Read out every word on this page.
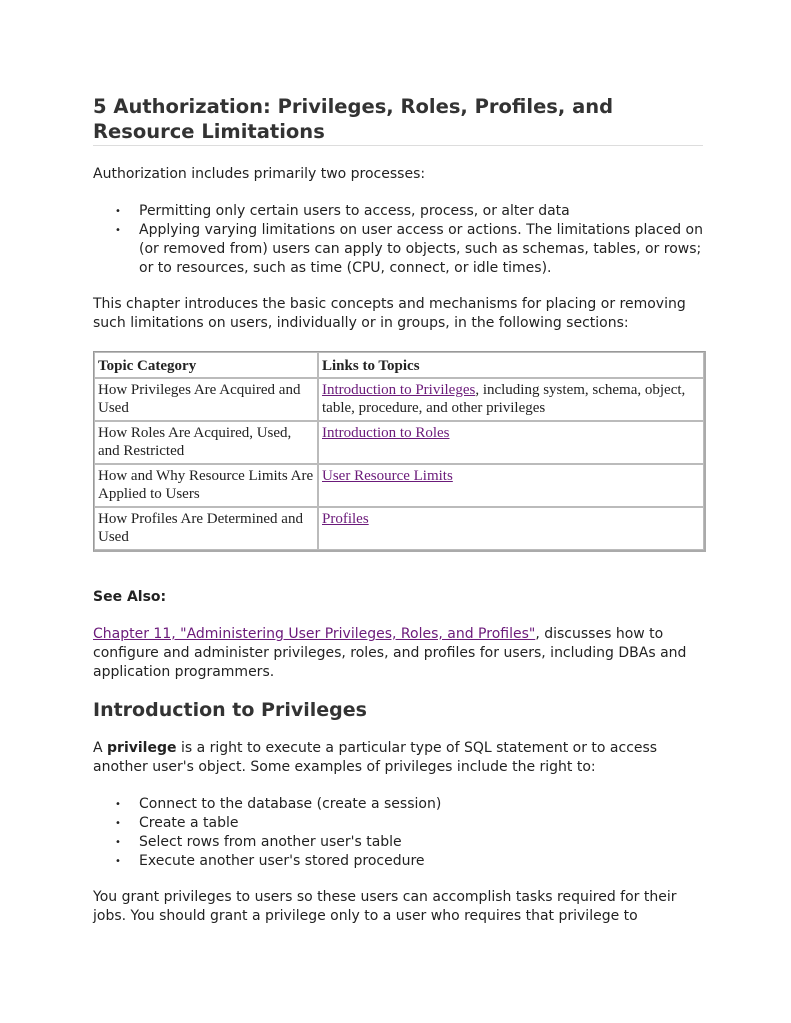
5 Authorization: Privileges, Roles, Profiles, and Resource Limitations

Authorization includes primarily two processes:

• Permitting only certain users to access, process, or alter data
• Applying varying limitations on user access or actions. The limitations placed on (or removed from) users can apply to objects, such as schemas, tables, or rows; or to resources, such as time (CPU, connect, or idle times).

This chapter introduces the basic concepts and mechanisms for placing or removing such limitations on users, individually or in groups, in the following sections:

Topic Category	Links to Topics
How Privileges Are Acquired and Used	Introduction to Privileges, including system, schema, object, table, procedure, and other privileges
How Roles Are Acquired, Used, and Restricted	Introduction to Roles
How and Why Resource Limits Are Applied to Users	User Resource Limits
How Profiles Are Determined and Used	Profiles
See Also:

Chapter 11, "Administering User Privileges, Roles, and Profiles", discusses how to configure and administer privileges, roles, and profiles for users, including DBAs and application programmers.

Introduction to Privileges

A privilege is a right to execute a particular type of SQL statement or to access another user's object. Some examples of privileges include the right to:

• Connect to the database (create a session)
• Create a table
• Select rows from another user's table
• Execute another user's stored procedure

You grant privileges to users so these users can accomplish tasks required for their jobs. You should grant a privilege only to a user who requires that privilege to
